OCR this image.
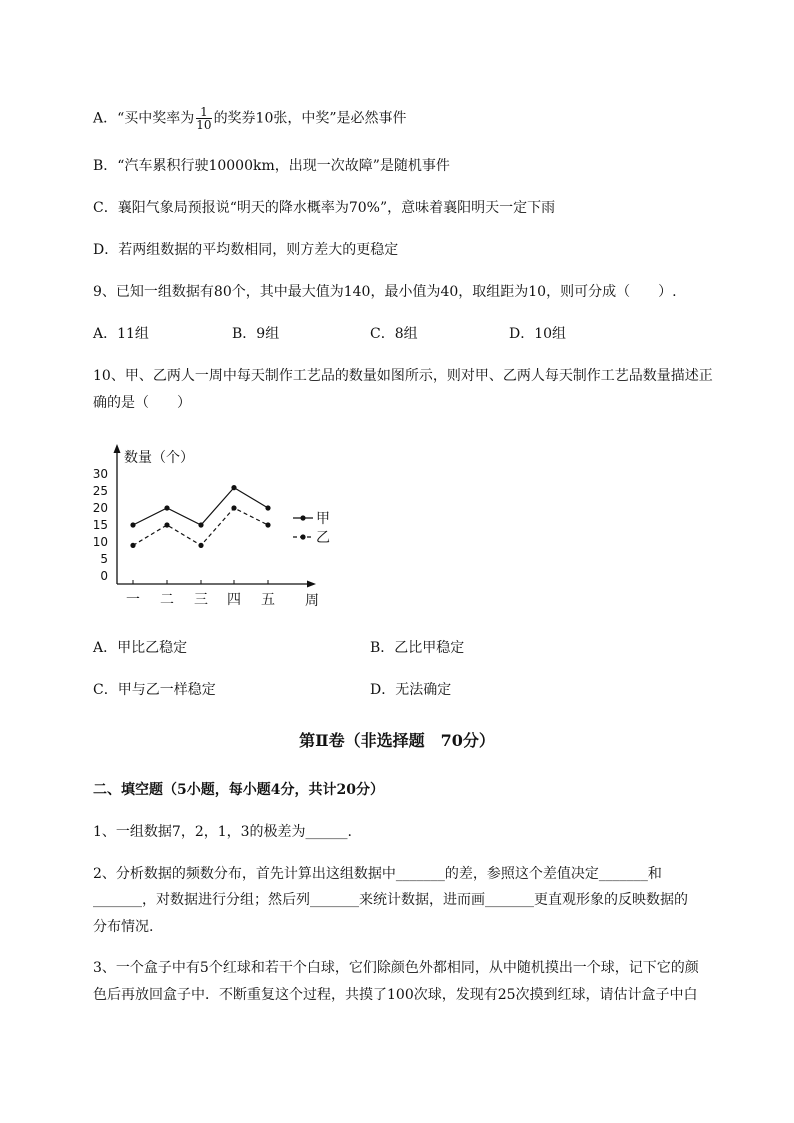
A．“买中奖率为 $\frac{1}{10}$ 的奖券10张，中奖”是必然事件
B．“汽车累积行驶10000km，出现一次故障”是随机事件
C．襄阳气象局预报说“明天的降水概率为70%”，意味着襄阳明天一定下雨
D．若两组数据的平均数相同，则方差大的更稳定
9、已知一组数据有80个，其中最大值为140，最小值为40，取组距为10，则可分成（　　）.
A．11组	B．9组	C．8组	D．10组
10、甲、乙两人一周中每天制作工艺品的数量如图所示，则对甲、乙两人每天制作工艺品数量描述正
确的是（　　）
数量（个）
周
0
5
10
15
20
25
30
一 二 三 四 五
甲
乙
A．甲比乙稳定	B．乙比甲稳定
C．甲与乙一样稳定	D．无法确定
第Ⅱ卷（非选择题　70分）
二、填空题（5小题，每小题4分，共计20分）
1、一组数据7，2，1，3的极差为______.
2、分析数据的频数分布，首先计算出这组数据中_______的差，参照这个差值决定_______和
_______，对数据进行分组；然后列_______来统计数据，进而画_______更直观形象的反映数据的
分布情况.
3、一个盒子中有5个红球和若干个白球，它们除颜色外都相同，从中随机摸出一个球，记下它的颜
色后再放回盒子中．不断重复这个过程，共摸了100次球，发现有25次摸到红球，请估计盒子中白
